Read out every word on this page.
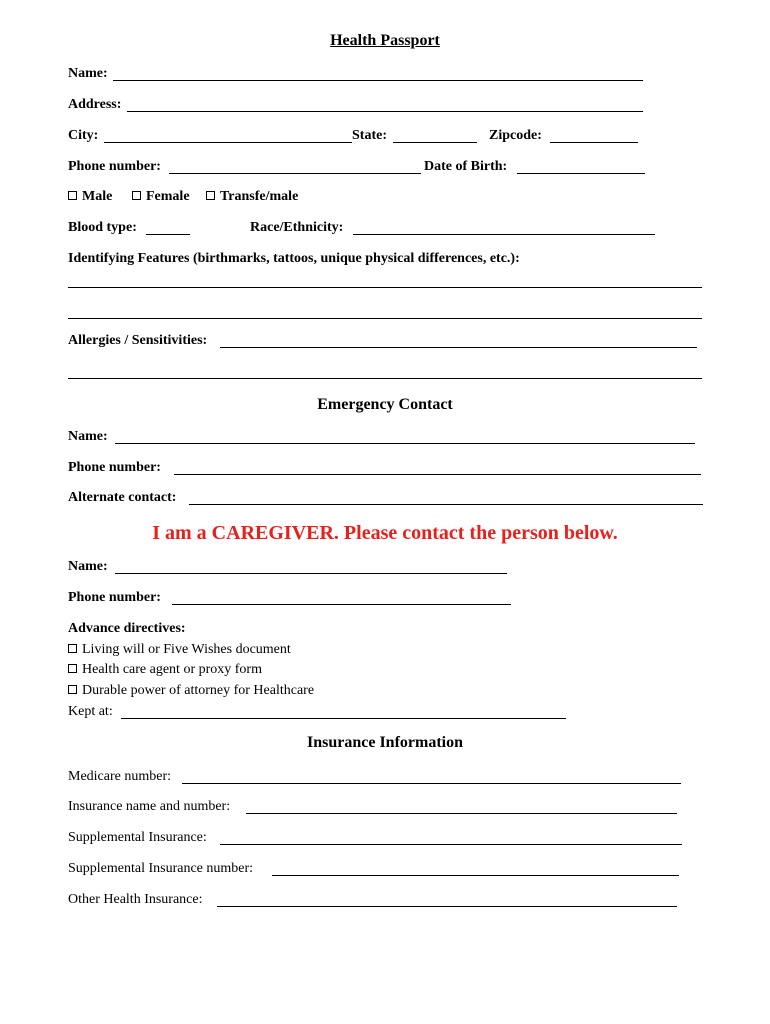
Health Passport
Name:
Address:
City:	State:	Zipcode:
Phone number:	Date of Birth:
Male	Female	Transfe/male
Blood type:	Race/Ethnicity:
Identifying Features (birthmarks, tattoos, unique physical differences, etc.):
Allergies / Sensitivities:
Emergency Contact
Name:
Phone number:
Alternate contact:
I am a CAREGIVER. Please contact the person below.
Name:
Phone number:
Advance directives:
Living will or Five Wishes document
Health care agent or proxy form
Durable power of attorney for Healthcare
Kept at:
Insurance Information
Medicare number:
Insurance name and number:
Supplemental Insurance:
Supplemental Insurance number:
Other Health Insurance:
